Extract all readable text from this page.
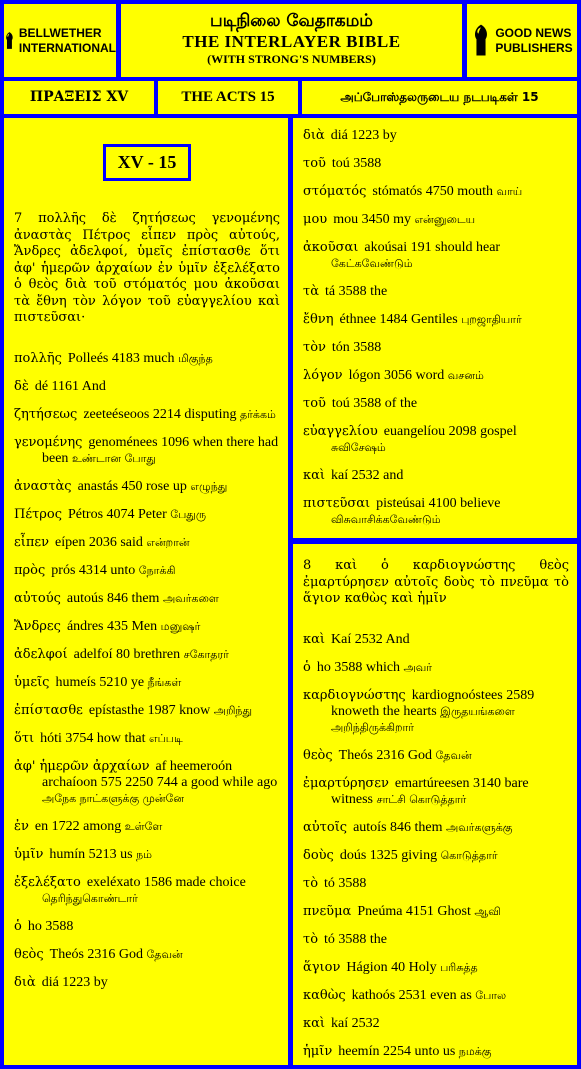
BELLWETHER
INTERNATIONAL
படிநிலை வேதாகமம்
THE INTERLAYER BIBLE
(WITH STRONG'S NUMBERS)
GOOD NEWS
PUBLISHERS
ΠΡΑΞΕΙΣ XV	THE ACTS 15	அப்போஸ்தலருடைய நடபடிகள் 15
XV - 15
7 πολλῆς δὲ ζητήσεως γενομένης ἀναστὰς Πέτρος εἶπεν πρὸς αὐτούς, Ἄνδρες ἀδελφοί, ὑμεῖς ἐπίστασθε ὅτι ἀφ' ἡμερῶν ἀρχαίων ἐν ὑμῖν ἐξελέξατο ὁ θεὸς διὰ τοῦ στόματός μου ἀκοῦσαι τὰ ἔθνη τὸν λόγον τοῦ εὐαγγελίου καὶ πιστεῦσαι·
πολλῆς Polleés 4183 much மிகுந்த
δὲ dé 1161 And
ζητήσεως zeeteéseoos 2214 disputing தர்க்கம்
γενομένης genoménees 1096 when there had been உண்டான போது
ἀναστὰς anastás 450 rose up எழுந்து
Πέτρος Pétros 4074 Peter பேதுரு
εἶπεν eípen 2036 said என்றான்
πρὸς prós 4314 unto நோக்கி
αὐτούς autoús 846 them அவர்களை
Ἄνδρες ándres 435 Men மனுஷர்
ἀδελφοί adelfoí 80 brethren சகோதரர்
ὑμεῖς humeís 5210 ye நீங்கள்
ἐπίστασθε epístasthe 1987 know அறிந்து
ὅτι hóti 3754 how that எப்படி
ἀφ' ἡμερῶν ἀρχαίων af heemeroón archaíoon 575 2250 744 a good while ago அநேக நாட்களுக்கு முன்னே
ἐν en 1722 among உள்ளே
ὑμῖν humín 5213 us நம்
ἐξελέξατο exeléxato 1586 made choice தெரிந்துகொண்டார்
ὁ ho 3588
θεὸς Theós 2316 God தேவன்
διὰ diá 1223 by
διὰ diá 1223 by
τοῦ toú 3588
στόματός stómatós 4750 mouth வாய்
μου mou 3450 my என்னுடைய
ἀκοῦσαι akoúsai 191 should hear கேட்கவேண்டும்
τὰ tá 3588 the
ἔθνη éthnee 1484 Gentiles புறஜாதியார்
τὸν tón 3588
λόγον lógon 3056 word வசனம்
τοῦ toú 3588 of the
εὐαγγελίου euangelíou 2098 gospel சுவிசேஷம்
καὶ kaí 2532 and
πιστεῦσαι pisteúsai 4100 believe விசுவாசிக்கவேண்டும்
8 καὶ ὁ καρδιογνώστης θεὸς ἐμαρτύρησεν αὐτοῖς δοὺς τὸ πνεῦμα τὸ ἅγιον καθὼς καὶ ἡμῖν
καὶ Kaí 2532 And
ὁ ho 3588 which அவர்
καρδιογνώστης kardiognoóstees 2589 knoweth the hearts இருதயங்களை அறிந்திருக்கிறார்
θεὸς Theós 2316 God தேவன்
ἐμαρτύρησεν emartúreesen 3140 bare witness சாட்சி கொடுத்தார்
αὐτοῖς autoís 846 them அவர்களுக்கு
δοὺς doús 1325 giving கொடுத்தார்
τὸ tó 3588
πνεῦμα Pneúma 4151 Ghost ஆவி
τὸ tó 3588 the
ἅγιον Hágion 40 Holy பரிசுத்த
καθὼς kathoós 2531 even as போல
καὶ kaí 2532
ἡμῖν heemín 2254 unto us நமக்கு
